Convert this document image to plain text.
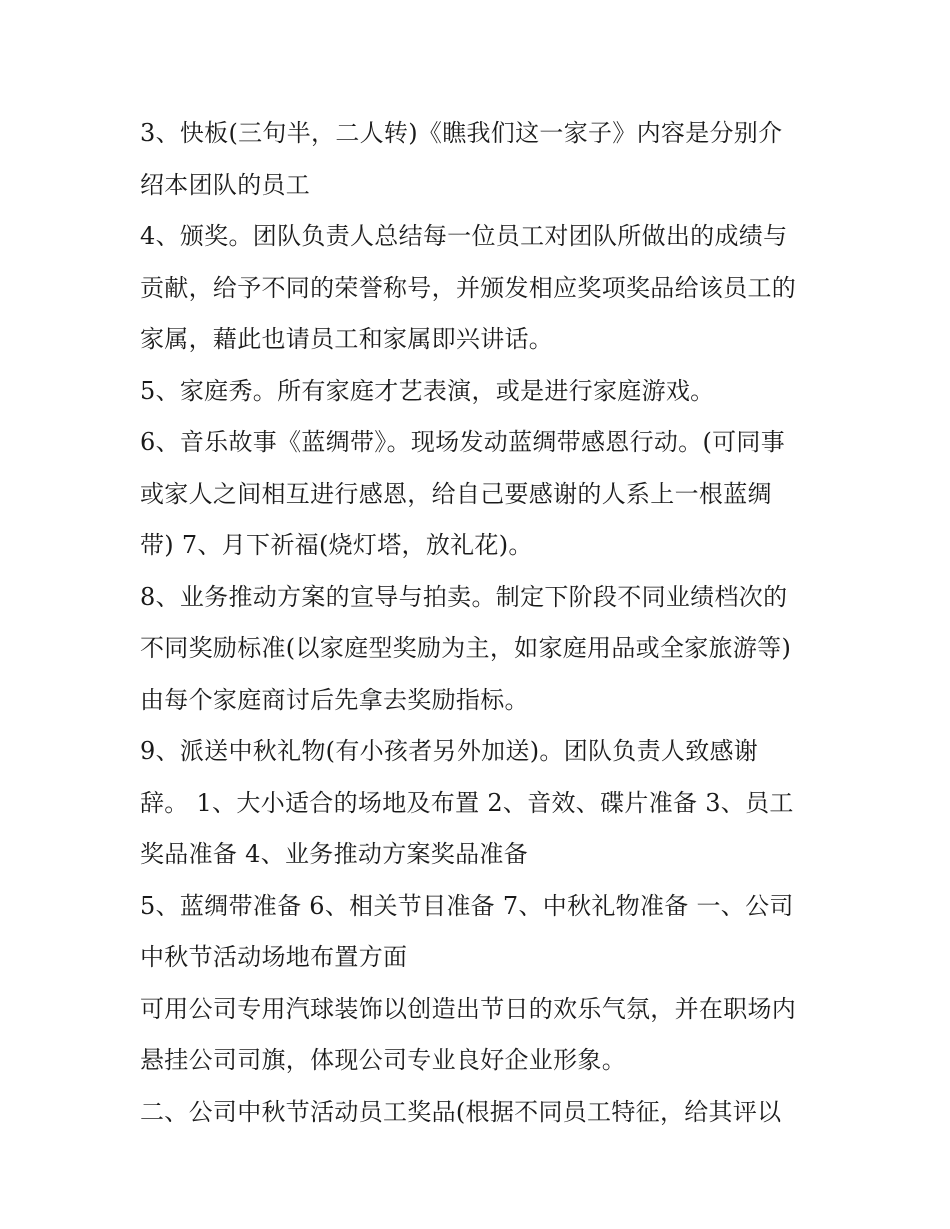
3、快板(三句半，二人转)《瞧我们这一家子》内容是分别介
绍本团队的员工
4、颁奖。团队负责人总结每一位员工对团队所做出的成绩与
贡献，给予不同的荣誉称号，并颁发相应奖项奖品给该员工的
家属，藉此也请员工和家属即兴讲话。
5、家庭秀。所有家庭才艺表演，或是进行家庭游戏。
6、音乐故事《蓝绸带》。现场发动蓝绸带感恩行动。(可同事
或家人之间相互进行感恩，给自己要感谢的人系上一根蓝绸
带) 7、月下祈福(烧灯塔，放礼花)。
8、业务推动方案的宣导与拍卖。制定下阶段不同业绩档次的
不同奖励标准(以家庭型奖励为主，如家庭用品或全家旅游等)
由每个家庭商讨后先拿去奖励指标。
9、派送中秋礼物(有小孩者另外加送)。团队负责人致感谢
辞。 1、大小适合的场地及布置 2、音效、碟片准备 3、员工
奖品准备 4、业务推动方案奖品准备
5、蓝绸带准备 6、相关节目准备 7、中秋礼物准备 一、公司
中秋节活动场地布置方面
可用公司专用汽球装饰以创造出节日的欢乐气氛，并在职场内
悬挂公司司旗，体现公司专业良好企业形象。
二、公司中秋节活动员工奖品(根据不同员工特征，给其评以
